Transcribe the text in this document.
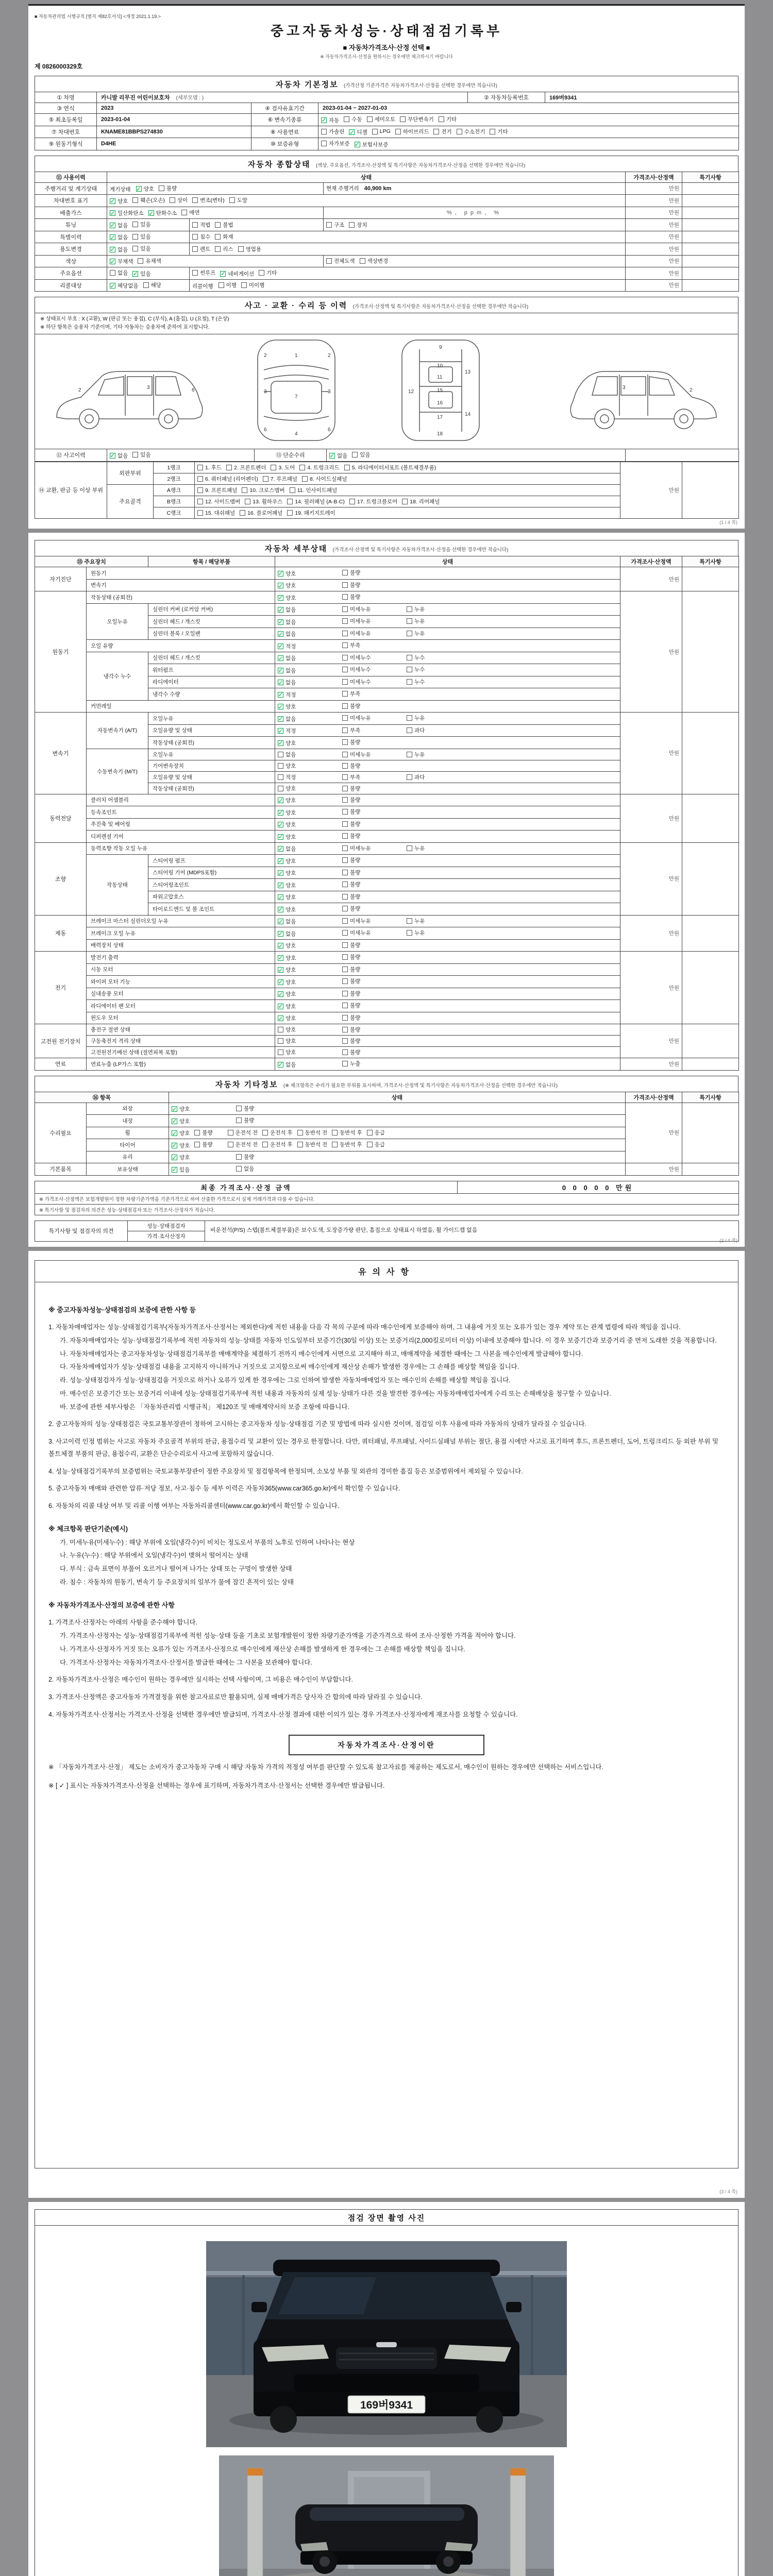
■ 자동차관리법 시행규칙 [별지 제82호서식] <개정 2021.1.19.>
중고자동차성능·상태점검기록부
■ 자동차가격조사·산정 선택 ■
※ 자동차가격조사·산정을 원하시는 경우에만 체크하시기 바랍니다
제 0826000329호
자동차 기본정보 (가격산정 기준가격은 자동차가격조사·산정을 선택한 경우에만 적습니다)
① 차명	카니발 리무진 어린이보호차 (세부모델 : )			② 자동차등록번호	169버9341
③ 연식	2023	④ 검사유효기간	2023-01-04 ~ 2027-01-03		
⑤ 최초등록일	2023-01-04	⑥ 변속기종류	✓ 자동 수동 세미오토 무단변속기 기타

⑦ 차대번호	KNAME81BBPS274830	⑧ 사용연료	가솔린 ✓ 디젤 LPG 하이브리드 전기 수소전기 기타

⑨ 원동기형식	D4HE	⑩ 보증유형	자가보증 ✓ 보험사보증		
자동차 종합상태 (색상, 주요옵션, 가격조사·산정액 및 특기사항은 자동차가격조사·산정을 선택한 경우에만 적습니다)
⑪ 사용이력	상태			가격조사·산정액	특기사항
주행거리 및 계기상태	계기상태 ✓ 양호 불량		현재 주행거리 40,900 km	만원	
차대번호 표기	✓ 양호 훼손(오손) 상이 변조(변타) 도말	만원	
배출가스	✓ 일산화탄소 ✓ 탄화수소 매연		%, ppm, %	만원	
튜닝	✓ 없음 있음	적법 불법	구조 장치	만원	
특별이력	✓ 없음 있음	침수 화재		만원	
용도변경	✓ 없음 있음	렌트 리스 영업용		만원	
색상	✓ 무채색 유채색		전체도색 색상변경	만원	
주요옵션	없음 ✓ 있음	썬루프 ✓ 네비게이션 기타		만원	
리콜대상	✓ 해당없음 해당	리콜이행 이행 미이행		만원	
사고 · 교환 · 수리 등 이력 (가격조사·산정액 및 특기사항은 자동차가격조사·산정을 선택한 경우에만 적습니다)
※ 상태표시 부호 : X (교환), W (판금 또는 용접), C (부식), A (흠집), U (요철), T (손상)
※ 하단 항목은 승용차 기준이며, 기타 자동차는 승용차에 준하여 표시합니다.
2	3	6
1
7
4
3	3
2	2
6	6
9
10
11
12
13
14
15
16
17
18
3	2
⑫ 사고이력	✓ 없음 있음	⑬ 단순수리	✓ 없음 있음

⑭ 교환, 판금 등 이상 부위	외판부위	1랭크	1. 후드 2. 프론트펜더 3. 도어 4. 트렁크리드 5. 라디에이터서포트 (볼트체결부품)	만원	
		2랭크	6. 쿼터패널 (리어펜더) 7. 루프패널 8. 사이드실패널		

	주요골격	A랭크	9. 프론트패널 10. 크로스멤버 11. 인사이드패널		

		B랭크	12. 사이드멤버 13. 휠하우스 14. 필러패널 (A·B·C) 17. 트렁크플로어 18. 리어패널		

		C랭크	15. 대쉬패널 16. 플로어패널 19. 패키지트레이		
(1 / 4 쪽)
자동차 세부상태 (가격조사·산정액 및 특기사항은 자동차가격조사·산정을 선택한 경우에만 적습니다)
⑮ 주요장치		항목 / 해당부품	상태	가격조사·산정액	특기사항
자기진단	원동기		✓ 양호 불량	만원	
	변속기		✓ 양호 불량		

원동기	작동상태 (공회전)		✓ 양호 불량	만원	
	오일누유	실린더 커버 (로커암 커버)	✓ 없음 미세누유 누유		

		실린더 헤드 / 개스킷	✓ 없음 미세누유 누유		

		실린더 블록 / 오일팬	✓ 없음 미세누유 누유		

	오일 유량		✓ 적정 부족		

	냉각수 누수	실린더 헤드 / 개스킷	✓ 없음 미세누수 누수		

		워터펌프	✓ 없음 미세누수 누수		

		라디에이터	✓ 없음 미세누수 누수		

		냉각수 수량	✓ 적정 부족		

	커먼레일		✓ 양호 불량		

변속기	자동변속기 (A/T)	오일누유	✓ 없음 미세누유 누유	만원	
		오일유량 및 상태	✓ 적정 부족 과다		

		작동상태 (공회전)	✓ 양호 불량		

	수동변속기 (M/T)	오일누유	없음 미세누유 누유		

		기어변속장치	양호 불량		

		오일유량 및 상태	적정 부족 과다		

		작동상태 (공회전)	양호 불량		

동력전달	클러치 어셈블리		✓ 양호 불량	만원	
	등속조인트		✓ 양호 불량		

	추진축 및 베어링		✓ 양호 불량		

	디퍼렌셜 기어		✓ 양호 불량		

조향	동력조향 작동 오일 누유		✓ 없음 미세누유 누유	만원	
	작동상태	스티어링 펌프	✓ 양호 불량		

		스티어링 기어 (MDPS포함)	✓ 양호 불량		

		스티어링조인트	✓ 양호 불량		

		파워고압호스	✓ 양호 불량		

		타이로드엔드 및 볼 조인트	✓ 양호 불량		

제동	브레이크 마스터 실린더오일 누유		✓ 없음 미세누유 누유	만원	
	브레이크 오일 누유		✓ 없음 미세누유 누유		

	배력장치 상태		✓ 양호 불량		

전기	발전기 출력		✓ 양호 불량	만원	
	시동 모터		✓ 양호 불량		

	와이퍼 모터 기능		✓ 양호 불량		

	실내송풍 모터		✓ 양호 불량		

	라디에이터 팬 모터		✓ 양호 불량		

	윈도우 모터		✓ 양호 불량		

고전원 전기장치	충전구 절연 상태		양호 불량	만원	
	구동축전지 격리 상태		양호 불량		

	고전원전기배선 상태 (절연피복 포함)		양호 불량		

연료	연료누출 (LP가스 포함)		✓ 없음 누출	만원	
자동차 기타정보 (※ 체크항목은 수리가 필요한 부위를 표시하며, 가격조사·산정액 및 특기사항은 자동차가격조사·산정을 선택한 경우에만 적습니다)
⑯ 항목		상태	가격조사·산정액	특기사항
수리필요	외장	✓ 양호 불량	만원	
	내장	✓ 양호 불량		

휠	✓ 양호 불량	운전석 전 운전석 후 동반석 전 동반석 후 응급

타이어	✓ 양호 불량	운전석 전 운전석 후 동반석 전 동반석 후 응급

	유리	✓ 양호 불량		

기본품목	보유상태	✓ 있음 없음	만원	
최종 가격조사·산정 금액	0 0 0 0 0 만원
※ 가격조사·산정액은 보험개발원이 정한 차량기준가액을 기준가격으로 하여 산출한 가격으로서 실제 거래가격과 다를 수 있습니다.
※ 특기사항 및 점검자의 의견은 성능·상태점검자 또는 가격조사·산정자가 적습니다.
특기사항 및 점검자의 의견	성능·상태점검자	비운전석(P/S) 스텝(볼트체결부품)은 보수도색, 도장증가량 판단, 흠집으로 상태표시 하였음, 휠 가이드캡 없음
가격·조사산정자
(2 / 4 쪽)
유의사항
※ 중고자동차성능·상태점검의 보증에 관한 사항 등
1. 자동차매매업자는 성능·상태점검기록부(자동차가격조사·산정서는 제외한다)에 적힌 내용을 다음 각 목의 구분에 따라 매수인에게 보증해야 하며, 그 내용에 거짓 또는 오류가 있는 경우 계약 또는 관계 법령에 따라 책임을 집니다.
가. 자동차매매업자는 성능·상태점검기록부에 적힌 자동차의 성능·상태를 자동차 인도일부터 보증기간(30일 이상) 또는 보증거리(2,000킬로미터 이상) 이내에 보증해야 합니다. 이 경우 보증기간과 보증거리 중 먼저 도래한 것을 적용합니다.
나. 자동차매매업자는 중고자동차성능·상태점검기록부를 매매계약을 체결하기 전까지 매수인에게 서면으로 고지해야 하고, 매매계약을 체결한 때에는 그 사본을 매수인에게 발급해야 합니다.
다. 자동차매매업자가 성능·상태점검 내용을 고지하지 아니하거나 거짓으로 고지함으로써 매수인에게 재산상 손해가 발생한 경우에는 그 손해를 배상할 책임을 집니다.
라. 성능·상태점검자가 성능·상태점검을 거짓으로 하거나 오류가 있게 한 경우에는 그로 인하여 발생한 자동차매매업자 또는 매수인의 손해를 배상할 책임을 집니다.
마. 매수인은 보증기간 또는 보증거리 이내에 성능·상태점검기록부에 적힌 내용과 자동차의 실제 성능·상태가 다른 것을 발견한 경우에는 자동차매매업자에게 수리 또는 손해배상을 청구할 수 있습니다.
바. 보증에 관한 세부사항은 「자동차관리법 시행규칙」 제120조 및 매매계약서의 보증 조항에 따릅니다.
2. 중고자동차의 성능·상태점검은 국토교통부장관이 정하여 고시하는 중고자동차 성능·상태점검 기준 및 방법에 따라 실시한 것이며, 점검일 이후 사용에 따라 자동차의 상태가 달라질 수 있습니다.
3. 사고이력 인정 범위는 사고로 자동차 주요골격 부위의 판금, 용접수리 및 교환이 있는 경우로 한정합니다. 다만, 쿼터패널, 루프패널, 사이드실패널 부위는 절단, 용접 시에만 사고로 표기하며 후드, 프론트펜더, 도어, 트렁크리드 등 외판 부위 및 볼트체결 부품의 판금, 용접수리, 교환은 단순수리로서 사고에 포함하지 않습니다.
4. 성능·상태점검기록부의 보증범위는 국토교통부장관이 정한 주요장치 및 점검항목에 한정되며, 소모성 부품 및 외관의 경미한 흠집 등은 보증범위에서 제외될 수 있습니다.
5. 중고자동차 매매와 관련한 압류·저당 정보, 사고·침수 등 세부 이력은 자동차365(www.car365.go.kr)에서 확인할 수 있습니다.
6. 자동차의 리콜 대상 여부 및 리콜 이행 여부는 자동차리콜센터(www.car.go.kr)에서 확인할 수 있습니다.
※ 체크항목 판단기준(예시)
가. 미세누유(미세누수) : 해당 부위에 오일(냉각수)이 비치는 정도로서 부품의 노후로 인하여 나타나는 현상
나. 누유(누수) : 해당 부위에서 오일(냉각수)이 맺혀서 떨어지는 상태
다. 부식 : 금속 표면이 부풀어 오르거나 떨어져 나가는 상태 또는 구멍이 발생한 상태
라. 침수 : 자동차의 원동기, 변속기 등 주요장치의 일부가 물에 잠긴 흔적이 있는 상태
※ 자동차가격조사·산정의 보증에 관한 사항
1. 가격조사·산정자는 아래의 사항을 준수해야 합니다.
가. 가격조사·산정자는 성능·상태점검기록부에 적힌 성능·상태 등을 기초로 보험개발원이 정한 차량기준가액을 기준가격으로 하여 조사·산정한 가격을 적어야 합니다.
나. 가격조사·산정자가 거짓 또는 오류가 있는 가격조사·산정으로 매수인에게 재산상 손해를 발생하게 한 경우에는 그 손해를 배상할 책임을 집니다.
다. 가격조사·산정자는 자동차가격조사·산정서를 발급한 때에는 그 사본을 보관해야 합니다.
2. 자동차가격조사·산정은 매수인이 원하는 경우에만 실시하는 선택 사항이며, 그 비용은 매수인이 부담합니다.
3. 가격조사·산정액은 중고자동차 가격결정을 위한 참고자료로만 활용되며, 실제 매매가격은 당사자 간 합의에 따라 달라질 수 있습니다.
4. 자동차가격조사·산정서는 가격조사·산정을 선택한 경우에만 발급되며, 가격조사·산정 결과에 대한 이의가 있는 경우 가격조사·산정자에게 재조사를 요청할 수 있습니다.
자동차가격조사·산정이란
※ 「자동차가격조사·산정」 제도는 소비자가 중고자동차 구매 시 해당 자동차 가격의 적정성 여부를 판단할 수 있도록 참고자료를 제공하는 제도로서, 매수인이 원하는 경우에만 선택하는 서비스입니다.
※ [ ✓ ] 표시는 자동차가격조사·산정을 선택하는 경우에 표기하며, 자동차가격조사·산정서는 선택한 경우에만 발급됩니다.
(3 / 4 쪽)
점검 장면 촬영 사진
169버9341
